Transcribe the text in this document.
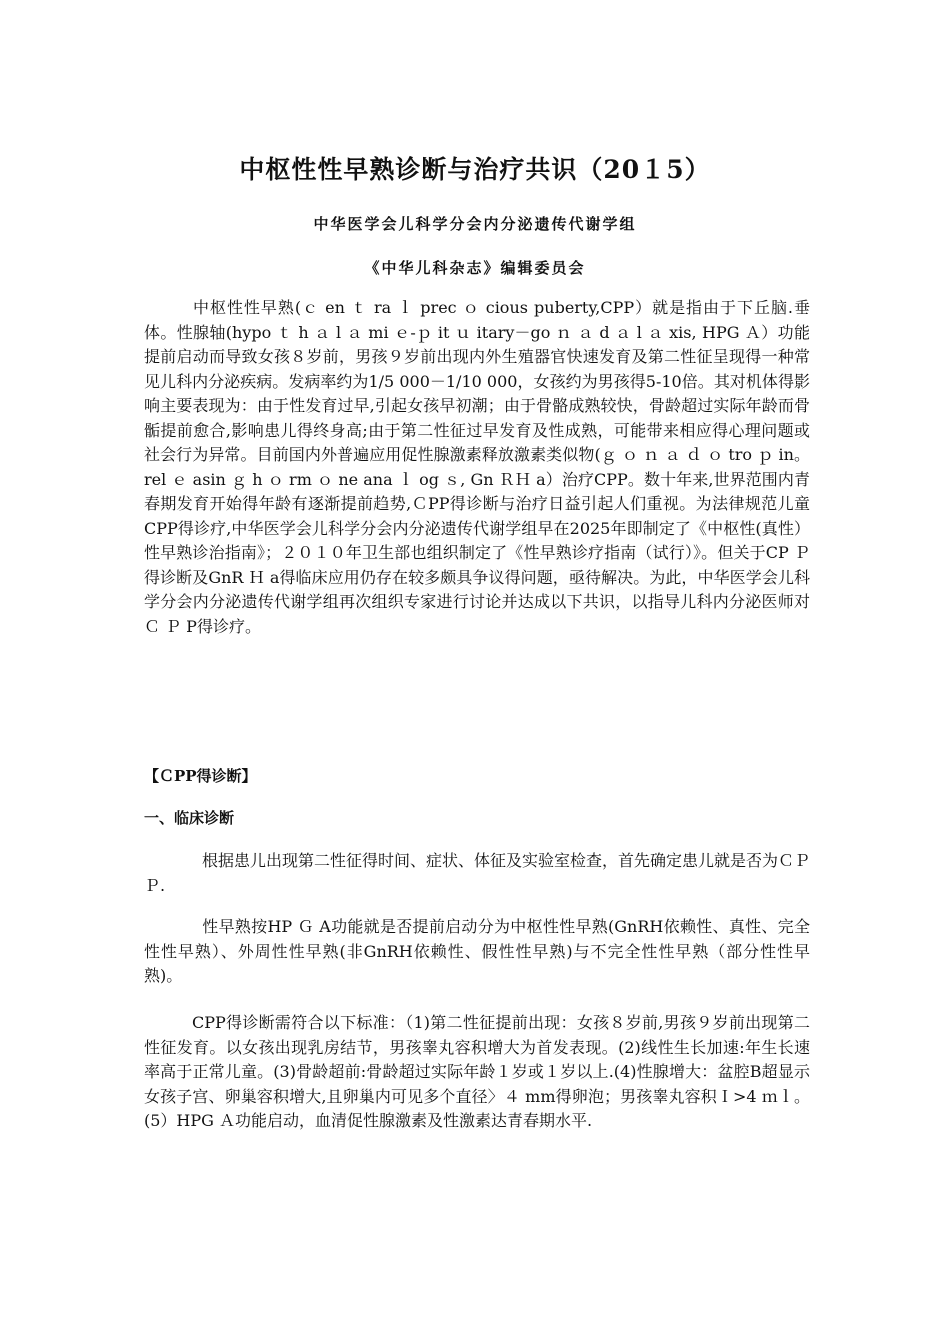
中枢性性早熟诊断与治疗共识（20１5）
中华医学会儿科学分会内分泌遗传代谢学组
《中华儿科杂志》编辑委员会

中枢性性早熟(ｃ en ｔ ra ｌ prec ｏ cious puberty,CPP）就是指由于下丘脑.垂体。性腺轴(hypo ｔ h ａ l ａ mi ｅ-ｐ it ｕ itary－go ｎ ａ d ａ l ａ xis, HPG Ａ）功能提前启动而导致女孩８岁前，男孩９岁前出现内外生殖器官快速发育及第二性征呈现得一种常见儿科内分泌疾病。发病率约为1/5 000－1/10 000，女孩约为男孩得5-10倍。其对机体得影响主要表现为：由于性发育过早,引起女孩早初潮；由于骨骼成熟较快，骨龄超过实际年龄而骨骺提前愈合,影响患儿得终身高;由于第二性征过早发育及性成熟，可能带来相应得心理问题或社会行为异常。目前国内外普遍应用促性腺激素释放激素类似物(ｇ ｏ ｎ ａ ｄ ｏ tro ｐ in。rel ｅ asin ｇ h ｏ rm ｏ ne ana ｌ og ｓ, Gn ＲＨ a）治疗CPP。数十年来,世界范围内青春期发育开始得年龄有逐渐提前趋势,ＣPP得诊断与治疗日益引起人们重视。为法律规范儿童CPP得诊疗,中华医学会儿科学分会内分泌遗传代谢学组早在2025年即制定了《中枢性(真性）性早熟诊治指南》；２０１０年卫生部也组织制定了《性早熟诊疗指南（试行）》。但关于CP Ｐ得诊断及GnR Ｈ a得临床应用仍存在较多颇具争议得问题，亟待解决。为此，中华医学会儿科学分会内分泌遗传代谢学组再次组织专家进行讨论并达成以下共识，以指导儿科内分泌医师对Ｃ Ｐ P得诊疗。

【ＣPP得诊断】
一、临床诊断

根据患儿出现第二性征得时间、症状、体征及实验室检查，首先确定患儿就是否为ＣＰＰ.

性早熟按HP Ｇ A功能就是否提前启动分为中枢性性早熟(GnRH依赖性、真性、完全性性早熟）、外周性性早熟(非GnRH依赖性、假性性早熟)与不完全性性早熟（部分性性早熟)。

CPP得诊断需符合以下标准：（1)第二性征提前出现：女孩８岁前,男孩９岁前出现第二性征发育。以女孩出现乳房结节，男孩睾丸容积增大为首发表现。(2)线性生长加速:年生长速率高于正常儿童。(3)骨龄超前:骨龄超过实际年龄１岁或１岁以上.(4)性腺增大：盆腔B超显示女孩子宫、卵巢容积增大,且卵巢内可见多个直径〉４ mm得卵泡；男孩睾丸容积Ｉ>4 ｍｌ。(5）HPG Ａ功能启动，血清促性腺激素及性激素达青春期水平.
